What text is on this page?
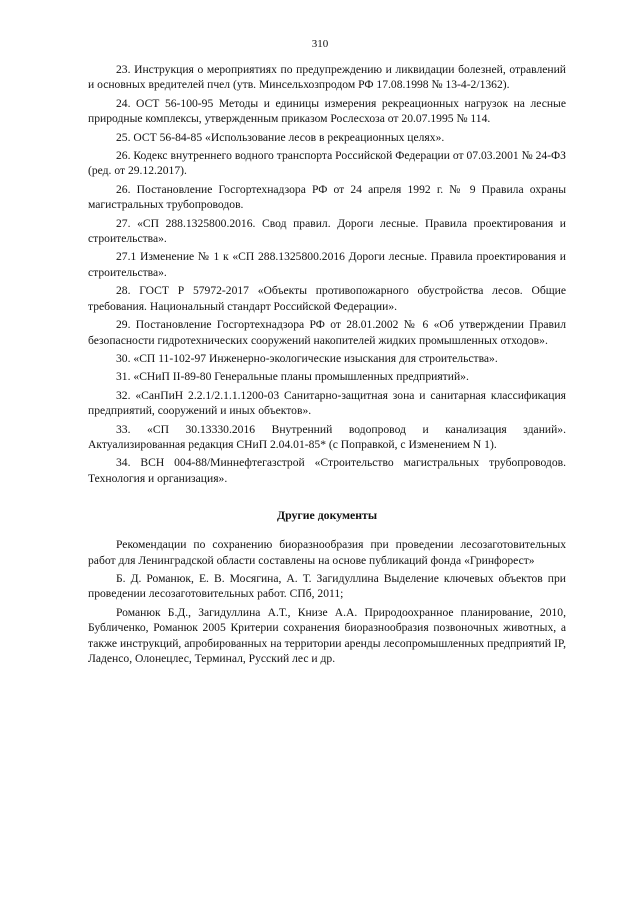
310

23. Инструкция о мероприятиях по предупреждению и ликвидации болезней, отравлений и основных вредителей пчел (утв. Минсельхозпродом РФ 17.08.1998 № 13-4-2/1362).

24. ОСТ 56-100-95 Методы и единицы измерения рекреационных нагрузок на лесные природные комплексы, утвержденным приказом Рослесхоза от 20.07.1995 № 114.

25. ОСТ 56-84-85 «Использование лесов в рекреационных целях».

26. Кодекс внутреннего водного транспорта Российской Федерации от 07.03.2001 № 24-ФЗ (ред. от 29.12.2017).

26. Постановление Госгортехнадзора РФ от 24 апреля 1992 г. № 9 Правила охраны магистральных трубопроводов.

27. «СП 288.1325800.2016. Свод правил. Дороги лесные. Правила проектирования и строительства».

27.1 Изменение № 1 к «СП 288.1325800.2016 Дороги лесные. Правила проектирования и строительства».

28. ГОСТ Р 57972-2017 «Объекты противопожарного обустройства лесов. Общие требования. Национальный стандарт Российской Федерации».

29. Постановление Госгортехнадзора РФ от 28.01.2002 № 6 «Об утверждении Правил безопасности гидротехнических сооружений накопителей жидких промышленных отходов».

30. «СП 11-102-97 Инженерно-экологические изыскания для строительства».

31. «СНиП II-89-80 Генеральные планы промышленных предприятий».

32. «СанПиН 2.2.1/2.1.1.1200-03 Санитарно-защитная зона и санитарная классификация предприятий, сооружений и иных объектов».

33. «СП 30.13330.2016 Внутренний водопровод и канализация зданий». Актуализированная редакция СНиП 2.04.01-85* (с Поправкой, с Изменением N 1).

34. ВСН 004-88/Миннефтегазстрой «Строительство магистральных трубопроводов. Технология и организация».

Другие документы

Рекомендации по сохранению биоразнообразия при проведении лесозаготовительных работ для Ленинградской области составлены на основе публикаций фонда «Гринфорест»

Б. Д. Романюк, Е. В. Мосягина, А. Т. Загидуллина Выделение ключевых объектов при проведении лесозаготовительных работ. СПб, 2011;

Романюк Б.Д., Загидуллина А.Т., Книзе А.А. Природоохранное планирование, 2010, Бубличенко, Романюк 2005 Критерии сохранения биоразнообразия позвоночных животных, а также инструкций, апробированных на территории аренды лесопромышленных предприятий IP, Ладенсо, Олонецлес, Терминал, Русский лес и др.
